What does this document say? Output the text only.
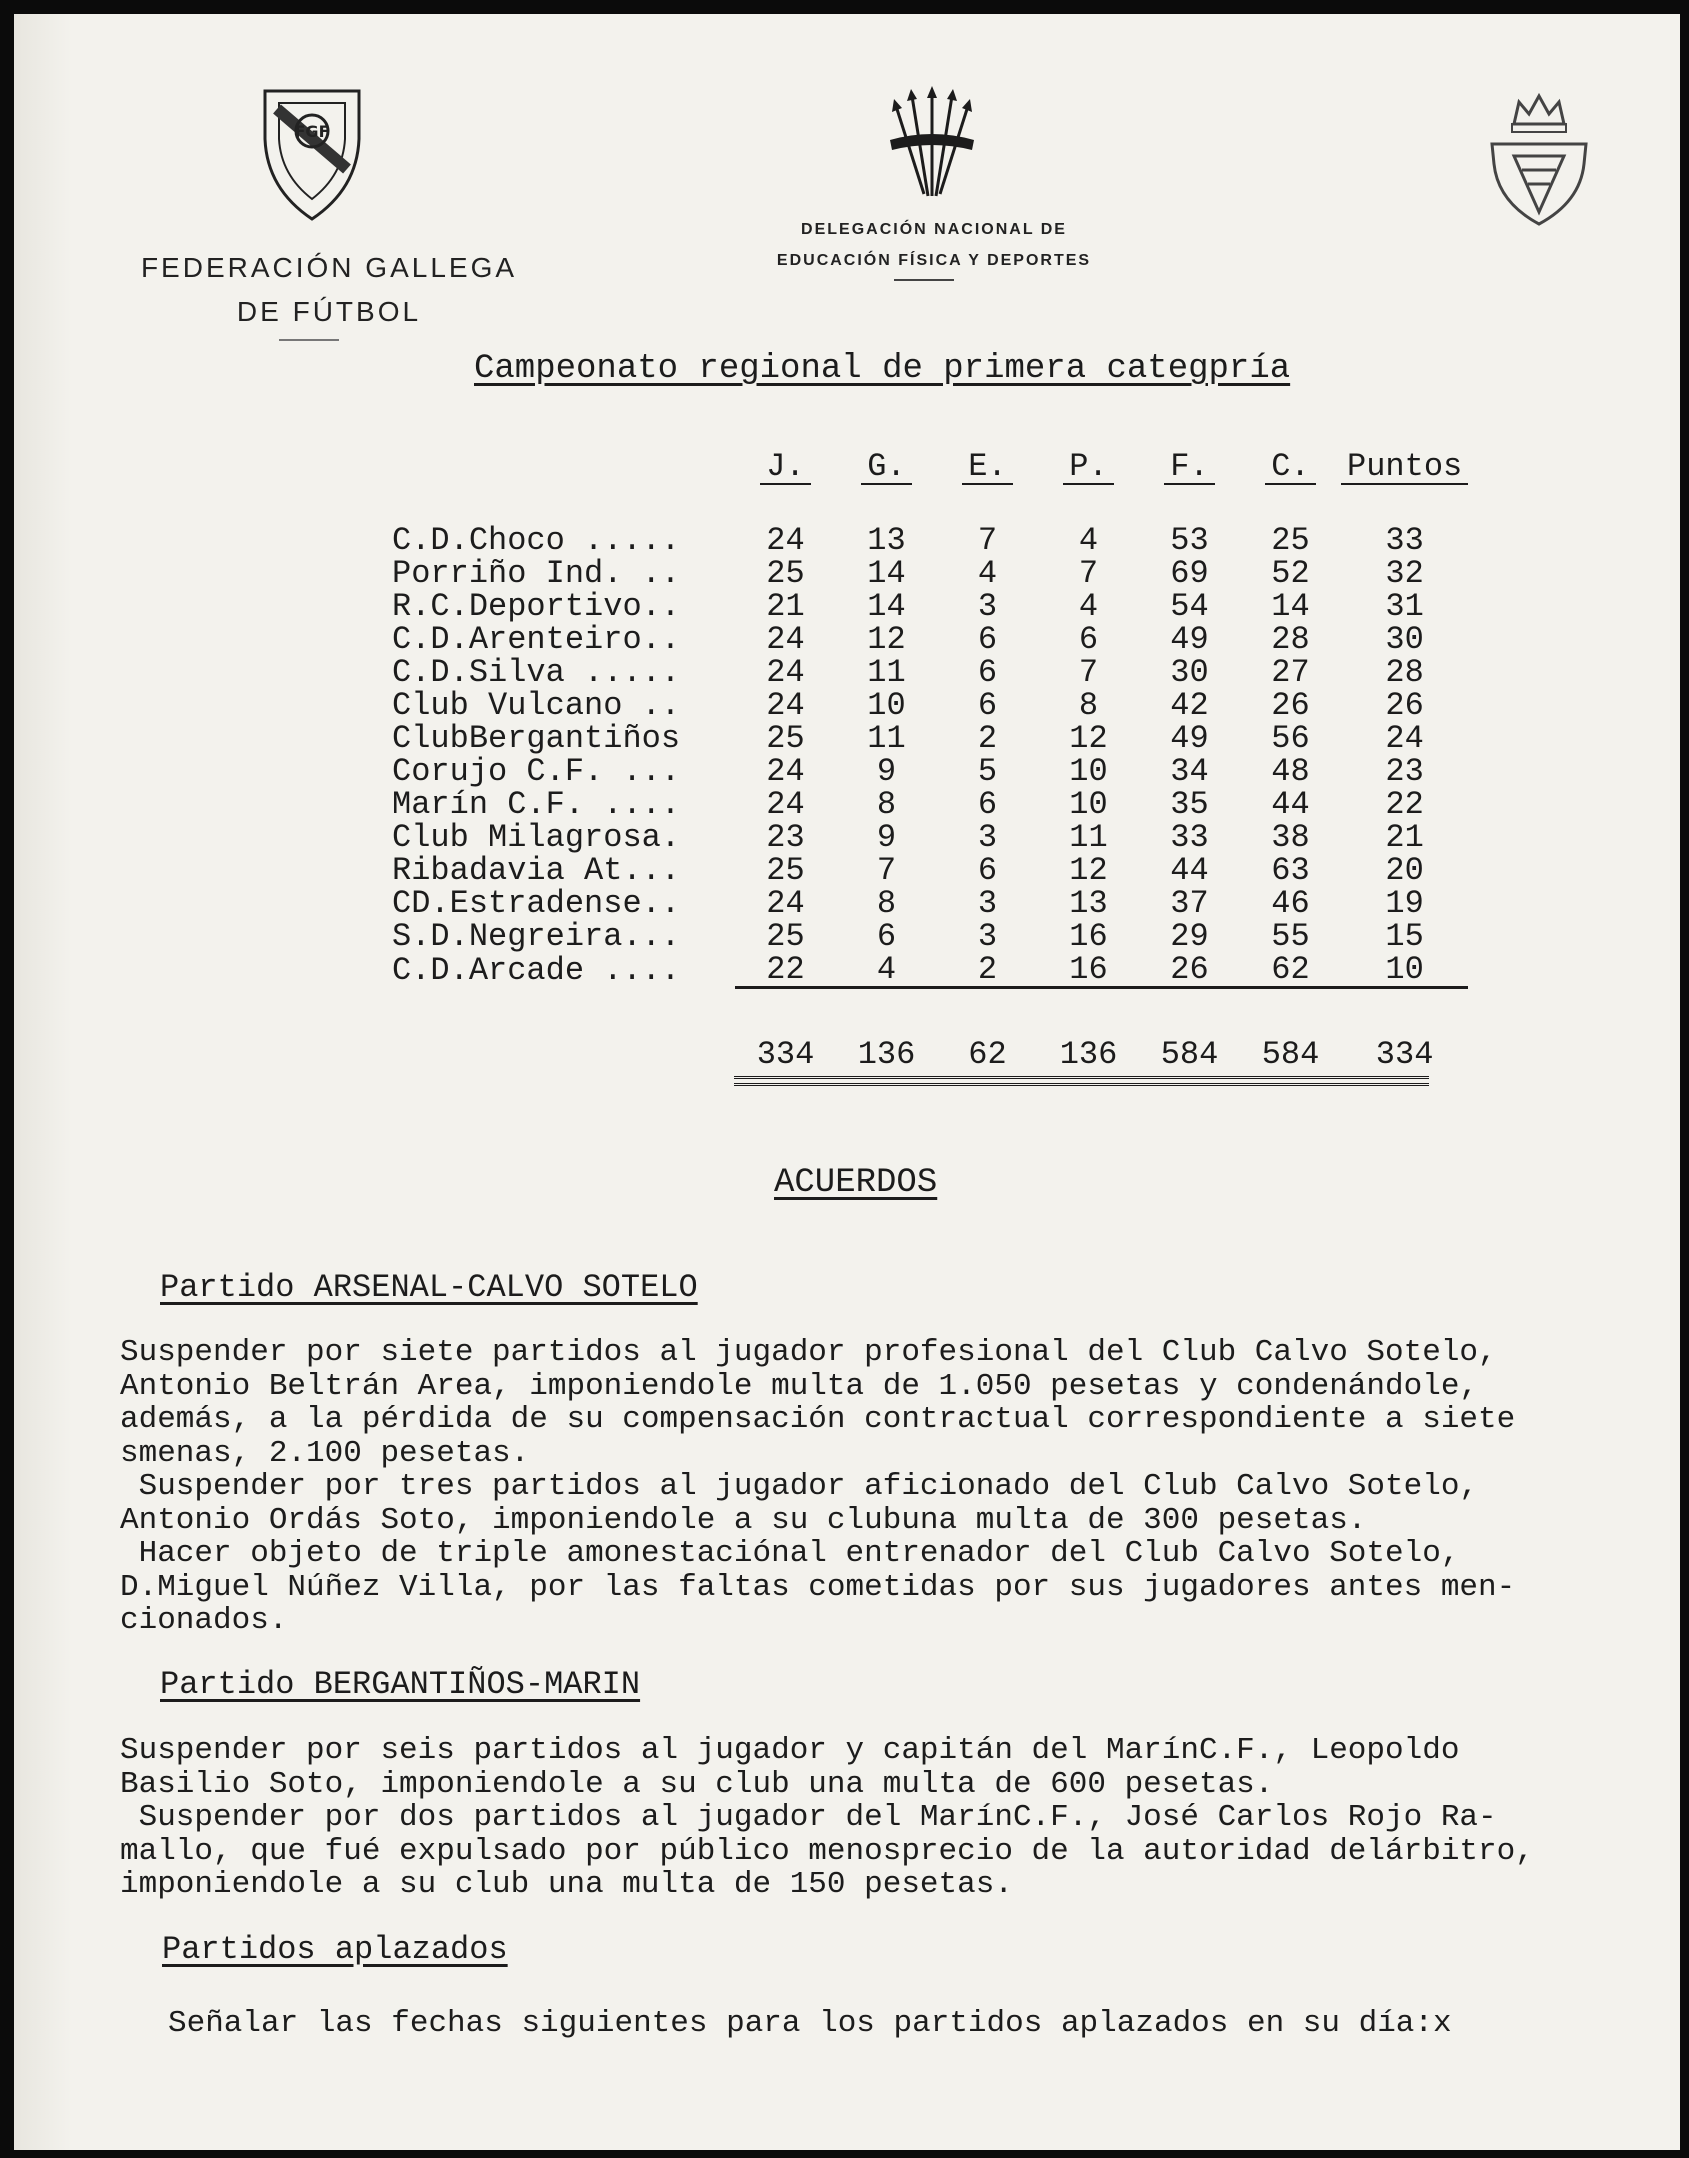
FGF
FEDERACIÓN GALLEGA
DE FÚTBOL
DELEGACIÓN NACIONAL DE
EDUCACIÓN FÍSICA Y DEPORTES
Campeonato regional de primera categpría
	J.	G.	E.	P.	F.	C.	Puntos
C.D.Choco .....	24	13	7	4	53	25	33
Porriño Ind. ..	25	14	4	7	69	52	32
R.C.Deportivo..	21	14	3	4	54	14	31
C.D.Arenteiro..	24	12	6	6	49	28	30
C.D.Silva .....	24	11	6	7	30	27	28
Club Vulcano ..	24	10	6	8	42	26	26
ClubBergantiños	25	11	2	12	49	56	24
Corujo C.F. ...	24	9	5	10	34	48	23
Marín C.F. ....	24	8	6	10	35	44	22
Club Milagrosa.	23	9	3	11	33	38	21
Ribadavia At...	25	7	6	12	44	63	20
CD.Estradense..	24	8	3	13	37	46	19
S.D.Negreira...	25	6	3	16	29	55	15
C.D.Arcade ....	22	4	2	16	26	62	10
	334	136	62	136	584	584	334
ACUERDOS
Partido ARSENAL-CALVO SOTELO
Suspender por siete partidos al jugador profesional del Club Calvo Sotelo,
Antonio Beltrán Area, imponiendole multa de 1.050 pesetas y condenándole,
además, a la pérdida de su compensación contractual correspondiente a siete
smenas, 2.100 pesetas.
Suspender por tres partidos al jugador aficionado del Club Calvo Sotelo,
Antonio Ordás Soto, imponiendole a su clubuna multa de 300 pesetas.
Hacer objeto de triple amonestaciónal entrenador del Club Calvo Sotelo,
D.Miguel Núñez Villa, por las faltas cometidas por sus jugadores antes men-
cionados.
Partido BERGANTIÑOS-MARIN
Suspender por seis partidos al jugador y capitán del MarínC.F., Leopoldo
Basilio Soto, imponiendole a su club una multa de 600 pesetas.
Suspender por dos partidos al jugador del MarínC.F., José Carlos Rojo Ra-
mallo, que fué expulsado por público menosprecio de la autoridad delárbitro,
imponiendole a su club una multa de 150 pesetas.
Partidos aplazados
Señalar las fechas siguientes para los partidos aplazados en su día:x
